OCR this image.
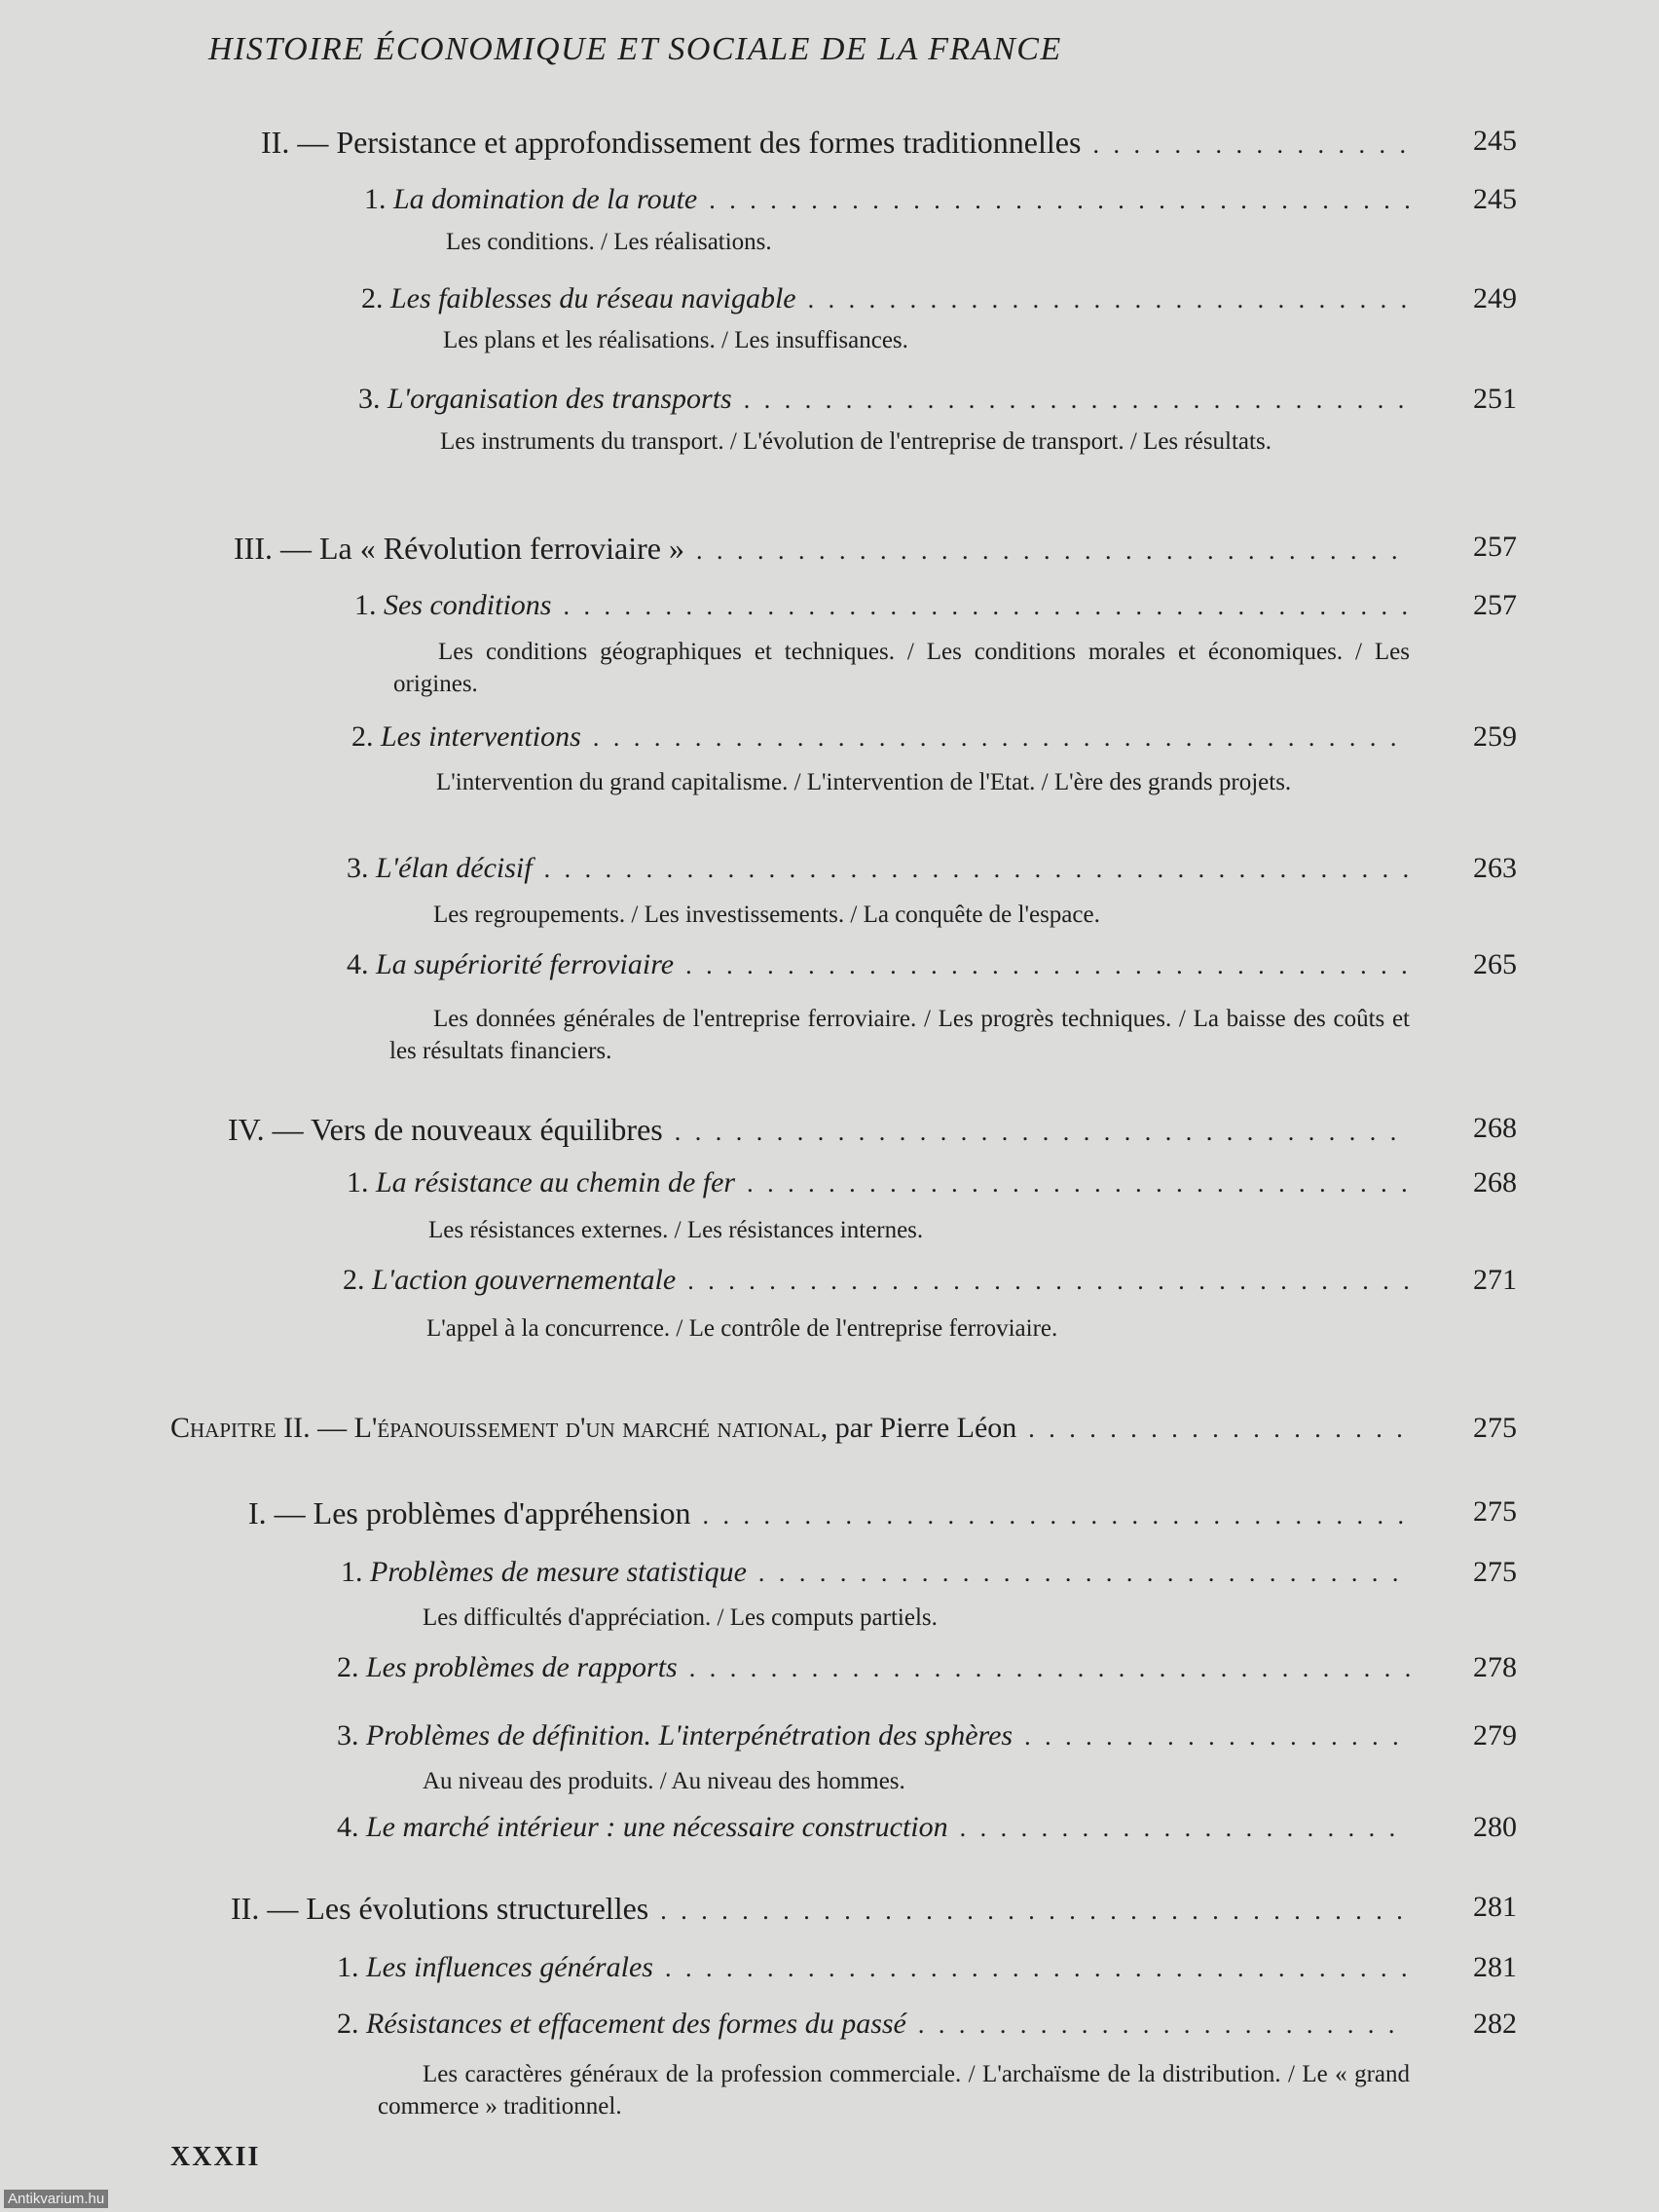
HISTOIRE ÉCONOMIQUE ET SOCIALE DE LA FRANCE
II. — Persistance et approfondissement des formes traditionnelles . . .	245
1. La domination de la route . . .	245
Les conditions. / Les réalisations.
2. Les faiblesses du réseau navigable . . .	249
Les plans et les réalisations. / Les insuffisances.
3. L'organisation des transports . . .	251
Les instruments du transport. / L'évolution de l'entreprise de transport. / Les résultats.
III. — La « Révolution ferroviaire » . . .	257
1. Ses conditions . . .	257
Les conditions géographiques et techniques. / Les conditions morales et économiques. / Les origines.
2. Les interventions . . .	259
L'intervention du grand capitalisme. / L'intervention de l'Etat. / L'ère des grands projets.
3. L'élan décisif . . .	263
Les regroupements. / Les investissements. / La conquête de l'espace.
4. La supériorité ferroviaire . . .	265
Les données générales de l'entreprise ferroviaire. / Les progrès techniques. / La baisse des coûts et les résultats financiers.
IV. — Vers de nouveaux équilibres . . .	268
1. La résistance au chemin de fer . . .	268
Les résistances externes. / Les résistances internes.
2. L'action gouvernementale . . .	271
L'appel à la concurrence. / Le contrôle de l'entreprise ferroviaire.
Chapitre II. — L'épanouissement d'un marché national, par Pierre Léon . . .	275
I. — Les problèmes d'appréhension . . .	275
1. Problèmes de mesure statistique . . .	275
Les difficultés d'appréciation. / Les computs partiels.
2. Les problèmes de rapports . . .	278
3. Problèmes de définition. L'interpénétration des sphères . . .	279
Au niveau des produits. / Au niveau des hommes.
4. Le marché intérieur : une nécessaire construction . . .	280
II. — Les évolutions structurelles . . .	281
1. Les influences générales . . .	281
2. Résistances et effacement des formes du passé . . .	282
Les caractères généraux de la profession commerciale. / L'archaïsme de la distribution. / Le « grand commerce » traditionnel.
XXXII
Antikvarium.hu
